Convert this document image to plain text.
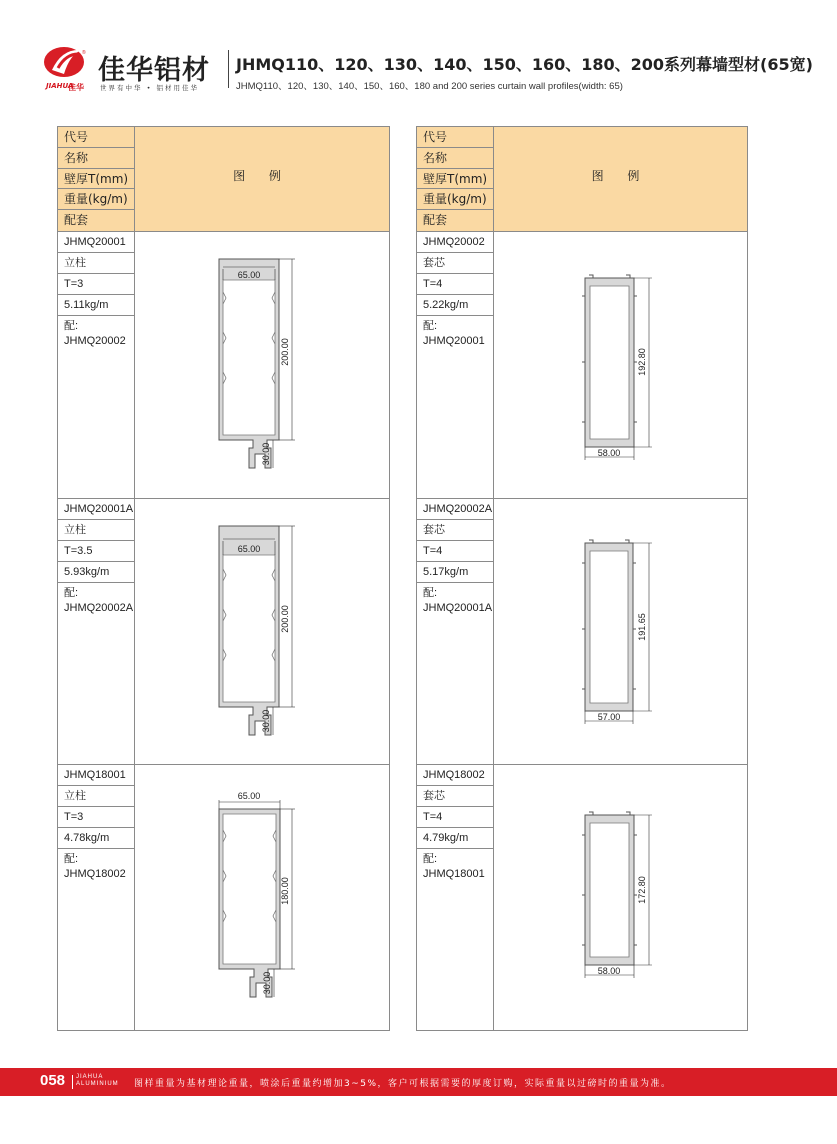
®
佳华铝材
JIAHUA
佳华 世界有中华 • 铝材用佳华
JHMQ110、120、130、140、150、160、180、200系列幕墙型材(65宽)
JHMQ110、120、130、140、150、160、180 and 200 series curtain wall profiles(width: 65)
代号
名称
壁厚T(mm)
重量(kg/m)
配套
图 例
JHMQ20001
立柱
T=3
5.11kg/m
配:
JHMQ20002
65.00
200.00
30.00
JHMQ20001A
立柱
T=3.5
5.93kg/m
配:
JHMQ20002A
65.00
200.00
30.00
JHMQ18001
立柱
T=3
4.78kg/m
配:
JHMQ18002
65.00
180.00
30.00
代号
名称
壁厚T(mm)
重量(kg/m)
配套
图 例
JHMQ20002
套芯
T=4
5.22kg/m
配:
JHMQ20001
192.80
58.00
JHMQ20002A
套芯
T=4
5.17kg/m
配:
JHMQ20001A
191.65
57.00
JHMQ18002
套芯
T=4
4.79kg/m
配:
JHMQ18001
172.80
58.00
058 JIAHUA
ALUMINIUM 图样重量为基材理论重量，喷涂后重量约增加3~5%，客户可根据需要的厚度订购，实际重量以过磅时的重量为准。
